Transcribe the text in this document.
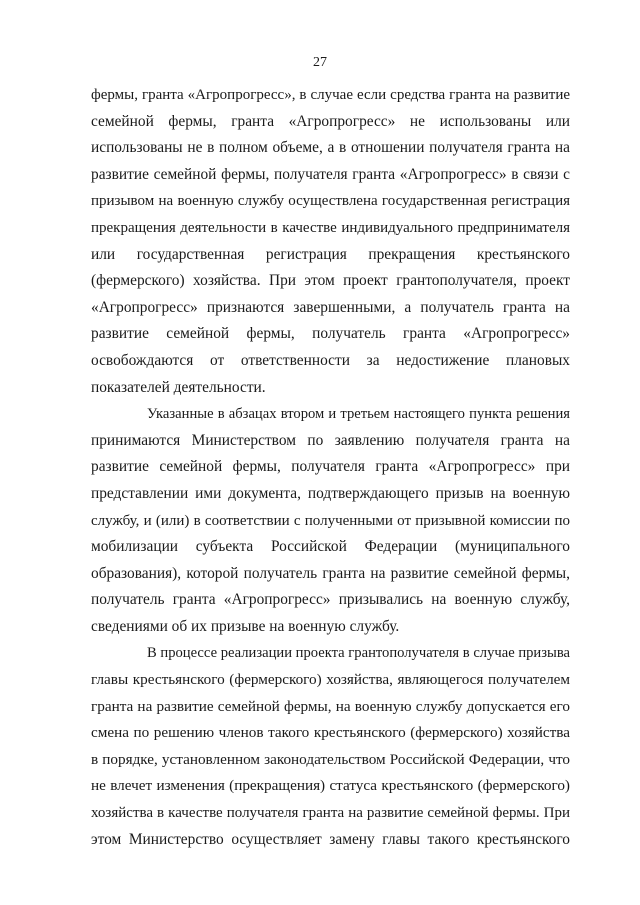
27
фермы, гранта «Агропрогресс», в случае если средства гранта на развитие
семейной фермы, гранта «Агропрогресс» не использованы или
использованы не в полном объеме, а в отношении получателя гранта на
развитие семейной фермы, получателя гранта «Агропрогресс» в связи с
призывом на военную службу осуществлена государственная регистрация
прекращения деятельности в качестве индивидуального предпринимателя
или государственная регистрация прекращения крестьянского
(фермерского) хозяйства. При этом проект грантополучателя, проект
«Агропрогресс» признаются завершенными, а получатель гранта на
развитие семейной фермы, получатель гранта «Агропрогресс»
освобождаются от ответственности за недостижение плановых
показателей деятельности.
Указанные в абзацах втором и третьем настоящего пункта решения
принимаются Министерством по заявлению получателя гранта на
развитие семейной фермы, получателя гранта «Агропрогресс» при
представлении ими документа, подтверждающего призыв на военную
службу, и (или) в соответствии с полученными от призывной комиссии по
мобилизации субъекта Российской Федерации (муниципального
образования), которой получатель гранта на развитие семейной фермы,
получатель гранта «Агропрогресс» призывались на военную службу,
сведениями об их призыве на военную службу.
В процессе реализации проекта грантополучателя в случае призыва
главы крестьянского (фермерского) хозяйства, являющегося получателем
гранта на развитие семейной фермы, на военную службу допускается его
смена по решению членов такого крестьянского (фермерского) хозяйства
в порядке, установленном законодательством Российской Федерации, что
не влечет изменения (прекращения) статуса крестьянского (фермерского)
хозяйства в качестве получателя гранта на развитие семейной фермы. При
этом Министерство осуществляет замену главы такого крестьянского
